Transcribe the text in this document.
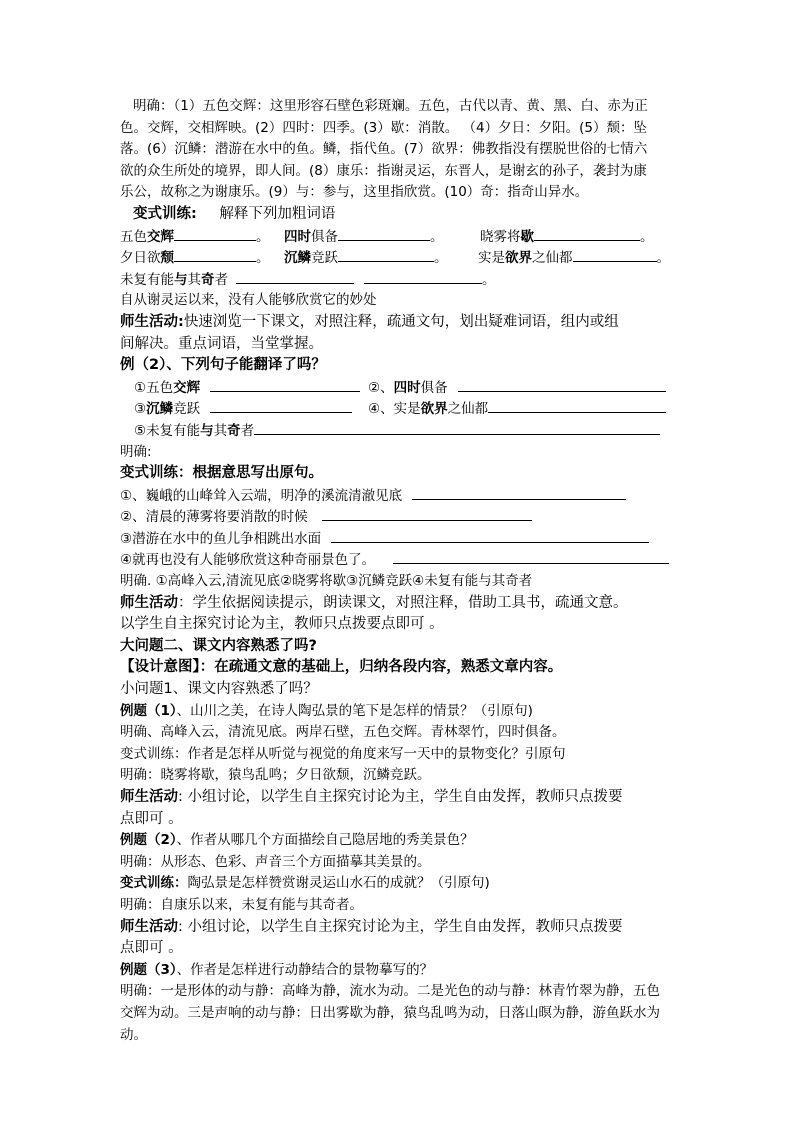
明确：（1）五色交辉：这里形容石壁色彩斑斓。五色，古代以青、黄、黑、白、赤为正
色。交辉，交相辉映。(2）四时：四季。(3）歇：消散。 （4）夕日：夕阳。(5）颓：坠
落。(6）沉鳞：潜游在水中的鱼。鳞，指代鱼。(7）欲界：佛教指没有摆脱世俗的七情六
欲的众生所处的境界，即人间。(8）康乐：指谢灵运，东晋人，是谢玄的孙子，袭封为康
乐公，故称之为谢康乐。(9）与：参与，这里指欣赏。(10）奇：指奇山异水。
变式训练: 解释下列加粗词语
五色交辉	。 四时俱备	。	晓雾将歇	。
夕日欲颓	。 沉鳞竞跃	。 实是欲界之仙都	。
未复有能与其奇者	。
自从谢灵运以来，没有人能够欣赏它的妙处
师生活动:快速浏览一下课文，对照注释，疏通文句，划出疑难词语，组内或组
间解决。重点词语，当堂掌握。
例（2）、下列句子能翻译了吗？
①五色交辉	②、四时俱备
③沉鳞竞跃	④、实是欲界之仙都
⑤未复有能与其奇者
明确:
变式训练：根据意思写出原句。
①、巍峨的山峰耸入云端，明净的溪流清澈见底
②、清晨的薄雾将要消散的时候
③潜游在水中的鱼儿争相跳出水面
④就再也没有人能够欣赏这种奇丽景色了。
明确. ①高峰入云,清流见底②晓雾将歇③沉鳞竞跃④未复有能与其奇者
师生活动：学生依据阅读提示，朗读课文，对照注释，借助工具书，疏通文意。
以学生自主探究讨论为主，教师只点拨要点即可 。
大问题二、课文内容熟悉了吗?
【设计意图】：在疏通文意的基础上，归纳各段内容，熟悉文章内容。
小问题1、课文内容熟悉了吗？
例题（1）、山川之美，在诗人陶弘景的笔下是怎样的情景？（引原句)
明确、高峰入云，清流见底。两岸石壁，五色交辉。青林翠竹，四时俱备。
变式训练：作者是怎样从听觉与视觉的角度来写一天中的景物变化？引原句
明确：晓雾将歇，猿鸟乱鸣；夕日欲颓，沉鳞竞跃。
师生活动: 小组讨论，以学生自主探究讨论为主，学生自由发挥，教师只点拨要
点即可 。
例题（2）、作者从哪几个方面描绘自己隐居地的秀美景色？
明确：从形态、色彩、声音三个方面描摹其美景的。
变式训练：陶弘景是怎样赞赏谢灵运山水石的成就？（引原句)
明确：自康乐以来，未复有能与其奇者。
师生活动: 小组讨论，以学生自主探究讨论为主，学生自由发挥，教师只点拨要
点即可 。
例题（3）、作者是怎样进行动静结合的景物摹写的？
明确：一是形体的动与静：高峰为静，流水为动。二是光色的动与静：林青竹翠为静，五色
交辉为动。三是声响的动与静：日出雾歇为静，猿鸟乱鸣为动，日落山暝为静，游鱼跃水为
动。
